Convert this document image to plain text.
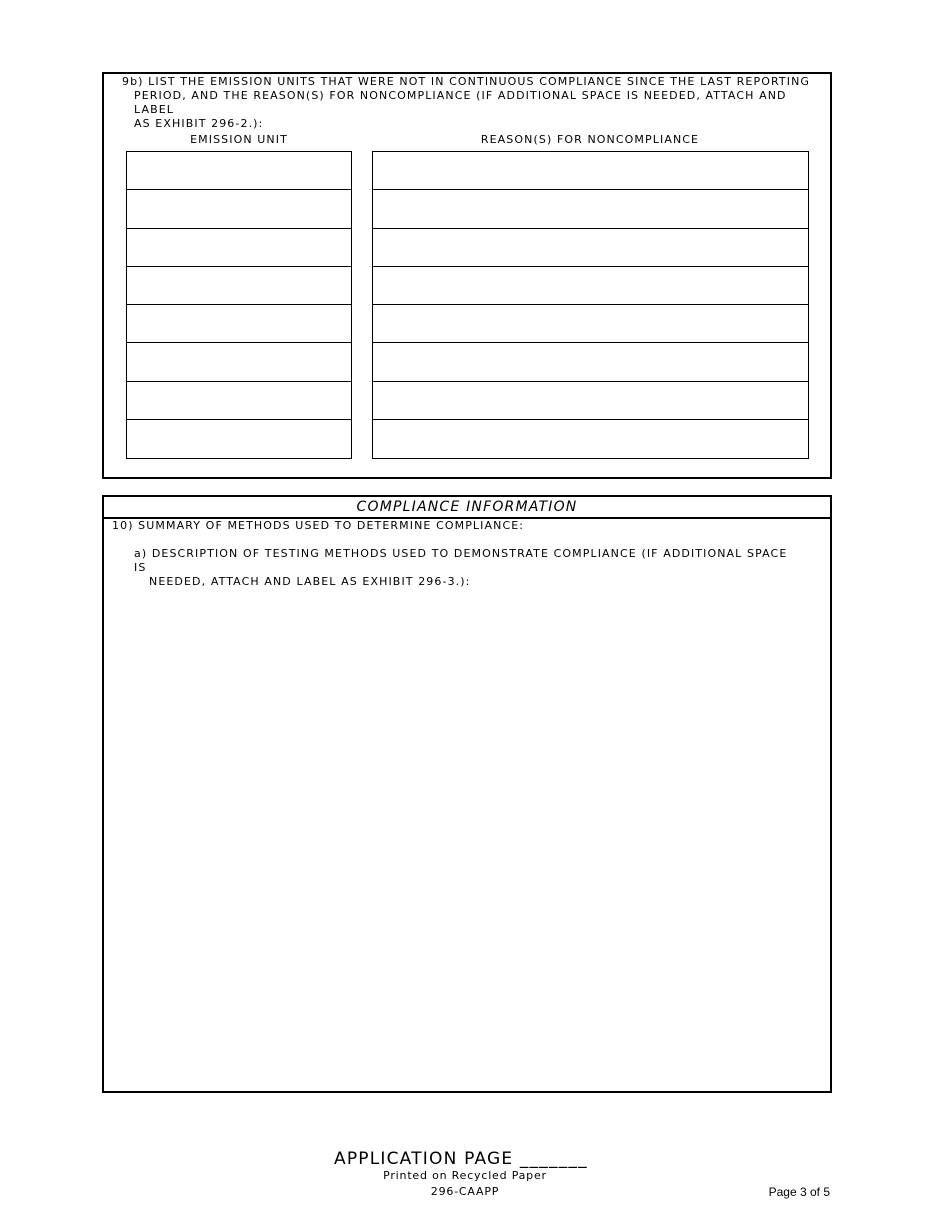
9b) LIST THE EMISSION UNITS THAT WERE NOT IN CONTINUOUS COMPLIANCE SINCE THE LAST REPORTING
PERIOD, AND THE REASON(S) FOR NONCOMPLIANCE (IF ADDITIONAL SPACE IS NEEDED, ATTACH AND LABEL
AS EXHIBIT 296-2.):
EMISSION UNIT	REASON(S) FOR NONCOMPLIANCE
COMPLIANCE INFORMATION
10) SUMMARY OF METHODS USED TO DETERMINE COMPLIANCE:
a) DESCRIPTION OF TESTING METHODS USED TO DEMONSTRATE COMPLIANCE (IF ADDITIONAL SPACE IS
NEEDED, ATTACH AND LABEL AS EXHIBIT 296-3.):
APPLICATION PAGE _______
Printed on Recycled Paper
296-CAAPP	Page 3 of 5
